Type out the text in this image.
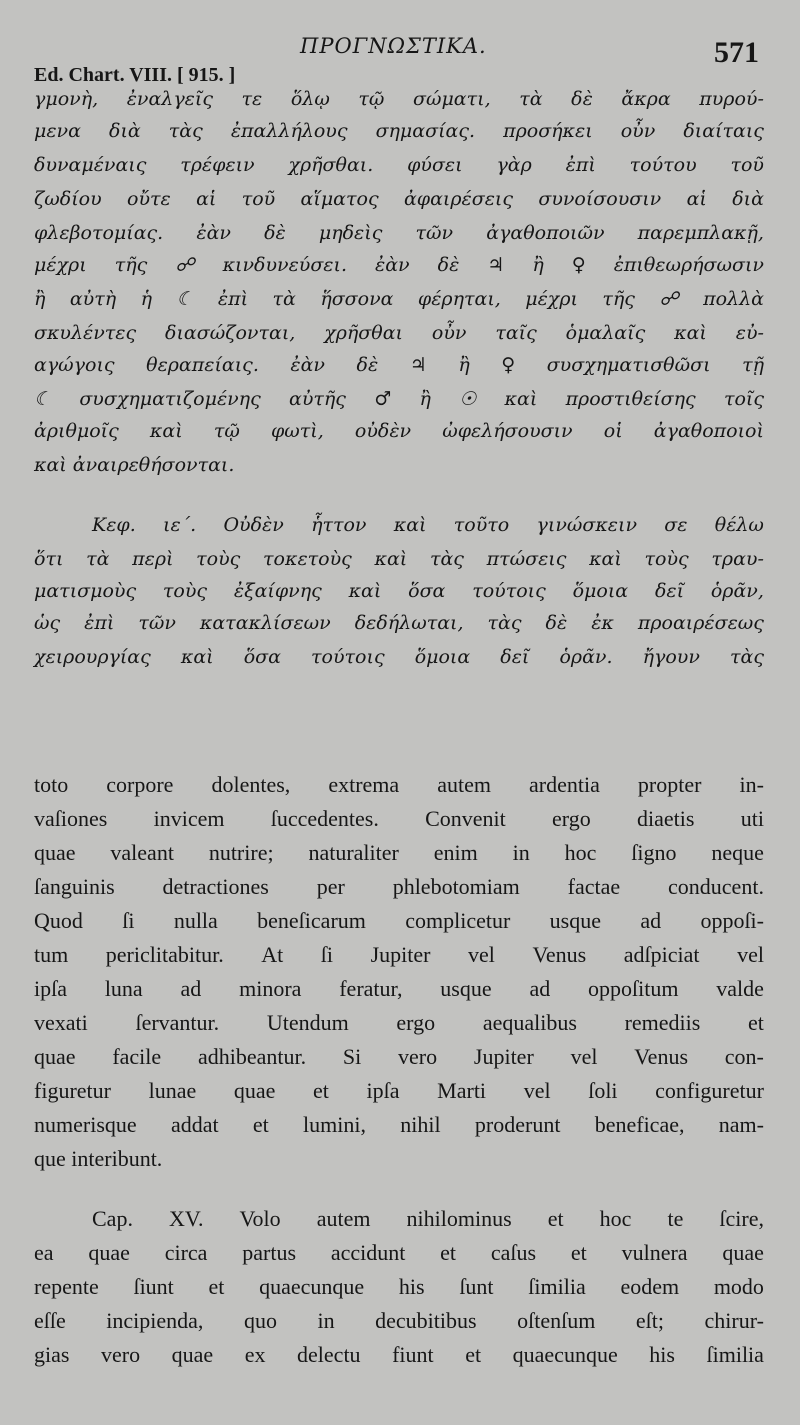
ΠΡΟΓΝΩΣΤΙΚΑ.	571
Ed. Chart. VIII. [ 915. ]
γμονὴ, ἐναλγεῖς τε ὅλῳ τῷ σώματι, τὰ δὲ ἄκρα πυρού-
μενα διὰ τὰς ἐπαλλήλους σημασίας. προσήκει οὖν διαίταις
δυναμέναις τρέφειν χρῆσθαι. φύσει γὰρ ἐπὶ τούτου τοῦ
ζωδίου οὔτε αἱ τοῦ αἵματος ἀφαιρέσεις συνοίσουσιν αἱ διὰ
φλεβοτομίας. ἐὰν δὲ μηδεὶς τῶν ἀγαθοποιῶν παρεμπλακῇ,
μέχρι τῆς ☍ κινδυνεύσει. ἐὰν δὲ ♃ ἢ ♀ ἐπιθεωρήσωσιν
ἢ αὐτὴ ἡ ☾ ἐπὶ τὰ ἥσσονα φέρηται, μέχρι τῆς ☍ πολλὰ
σκυλέντες διασώζονται, χρῆσθαι οὖν ταῖς ὁμαλαῖς καὶ εὐ-
αγώγοις θεραπείαις. ἐὰν δὲ ♃ ἢ ♀ συσχηματισθῶσι τῇ
☾ συσχηματιζομένης αὐτῆς ♂ ἢ ☉ καὶ προστιθείσης τοῖς
ἀριθμοῖς καὶ τῷ φωτὶ, οὐδὲν ὠφελήσουσιν οἱ ἀγαθοποιοὶ
καὶ ἀναιρεθήσονται.
Κεφ. ιε΄. Οὐδὲν ἧττον καὶ τοῦτο γινώσκειν σε θέλω
ὅτι τὰ περὶ τοὺς τοκετοὺς καὶ τὰς πτώσεις καὶ τοὺς τραυ-
ματισμοὺς τοὺς ἐξαίφνης καὶ ὅσα τούτοις ὅμοια δεῖ ὁρᾶν,
ὡς ἐπὶ τῶν κατακλίσεων δεδήλωται, τὰς δὲ ἐκ προαιρέσεως
χειρουργίας καὶ ὅσα τούτοις ὅμοια δεῖ ὁρᾶν. ἤγουν τὰς
toto corpore dolentes, extrema autem ardentia propter in-
vaſiones invicem ſuccedentes. Convenit ergo diaetis uti
quae valeant nutrire; naturaliter enim in hoc ſigno neque
ſanguinis detractiones per phlebotomiam factae conducent.
Quod ſi nulla beneſicarum complicetur usque ad oppoſi-
tum periclitabitur. At ſi Jupiter vel Venus adſpiciat vel
ipſa luna ad minora feratur, usque ad oppoſitum valde
vexati ſervantur. Utendum ergo aequalibus remediis et
quae facile adhibeantur. Si vero Jupiter vel Venus con-
figuretur lunae quae et ipſa Marti vel ſoli configuretur
numerisque addat et lumini, nihil proderunt beneficae, nam-
que interibunt.
Cap. XV. Volo autem nihilominus et hoc te ſcire,
ea quae circa partus accidunt et caſus et vulnera quae
repente ſiunt et quaecunque his ſunt ſimilia eodem modo
eſſe incipienda, quo in decubitibus oſtenſum eſt; chirur-
gias vero quae ex delectu fiunt et quaecunque his ſimilia
